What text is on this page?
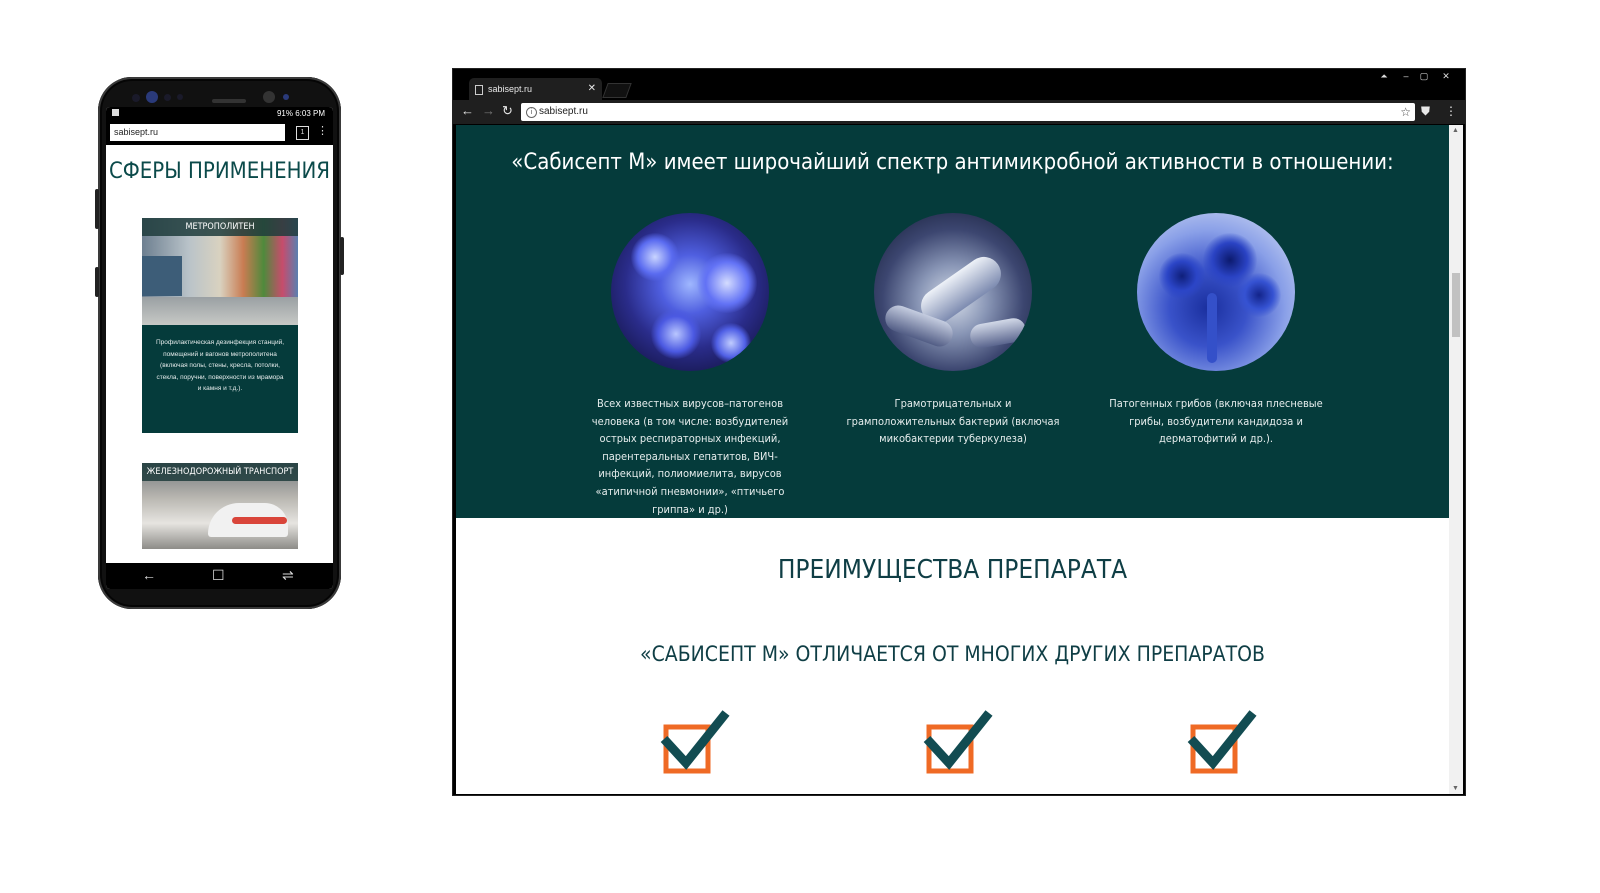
91% 6:03 PM
sabisept.ru	1	⋮
СФЕРЫ ПРИМЕНЕНИЯ
МЕТРОПОЛИТЕН
Профилактическая дезинфекция станций, помещений и вагонов метрополитена (включая полы, стены, кресла, потолки, стекла, поручни, поверхности из мрамора и камня и т.д.).
ЖЕЛЕЗНОДОРОЖНЫЙ ТРАНСПОРТ
←	☐	⇌
sabisept.ru	✕
⏶	–	▢	✕
← → ↻	i sabisept.ru	☆ ⛊ ⋮
«Сабисепт М» имеет широчайший спектр антимикробной активности в отношении:
Всех известных вирусов–патогенов человека (в том числе: возбудителей острых респираторных инфекций, парентеральных гепатитов, ВИЧ-инфекций, полиомиелита, вирусов «атипичной пневмонии», «птичьего гриппа» и др.)
Грамотрицательных и грамположительных бактерий (включая микобактерии туберкулеза)
Патогенных грибов (включая плесневые грибы, возбудители кандидоза и дерматофитий и др.).
ПРЕИМУЩЕСТВА ПРЕПАРАТА
«САБИСЕПТ М» ОТЛИЧАЕТСЯ ОТ МНОГИХ ДРУГИХ ПРЕПАРАТОВ
▲
▼
